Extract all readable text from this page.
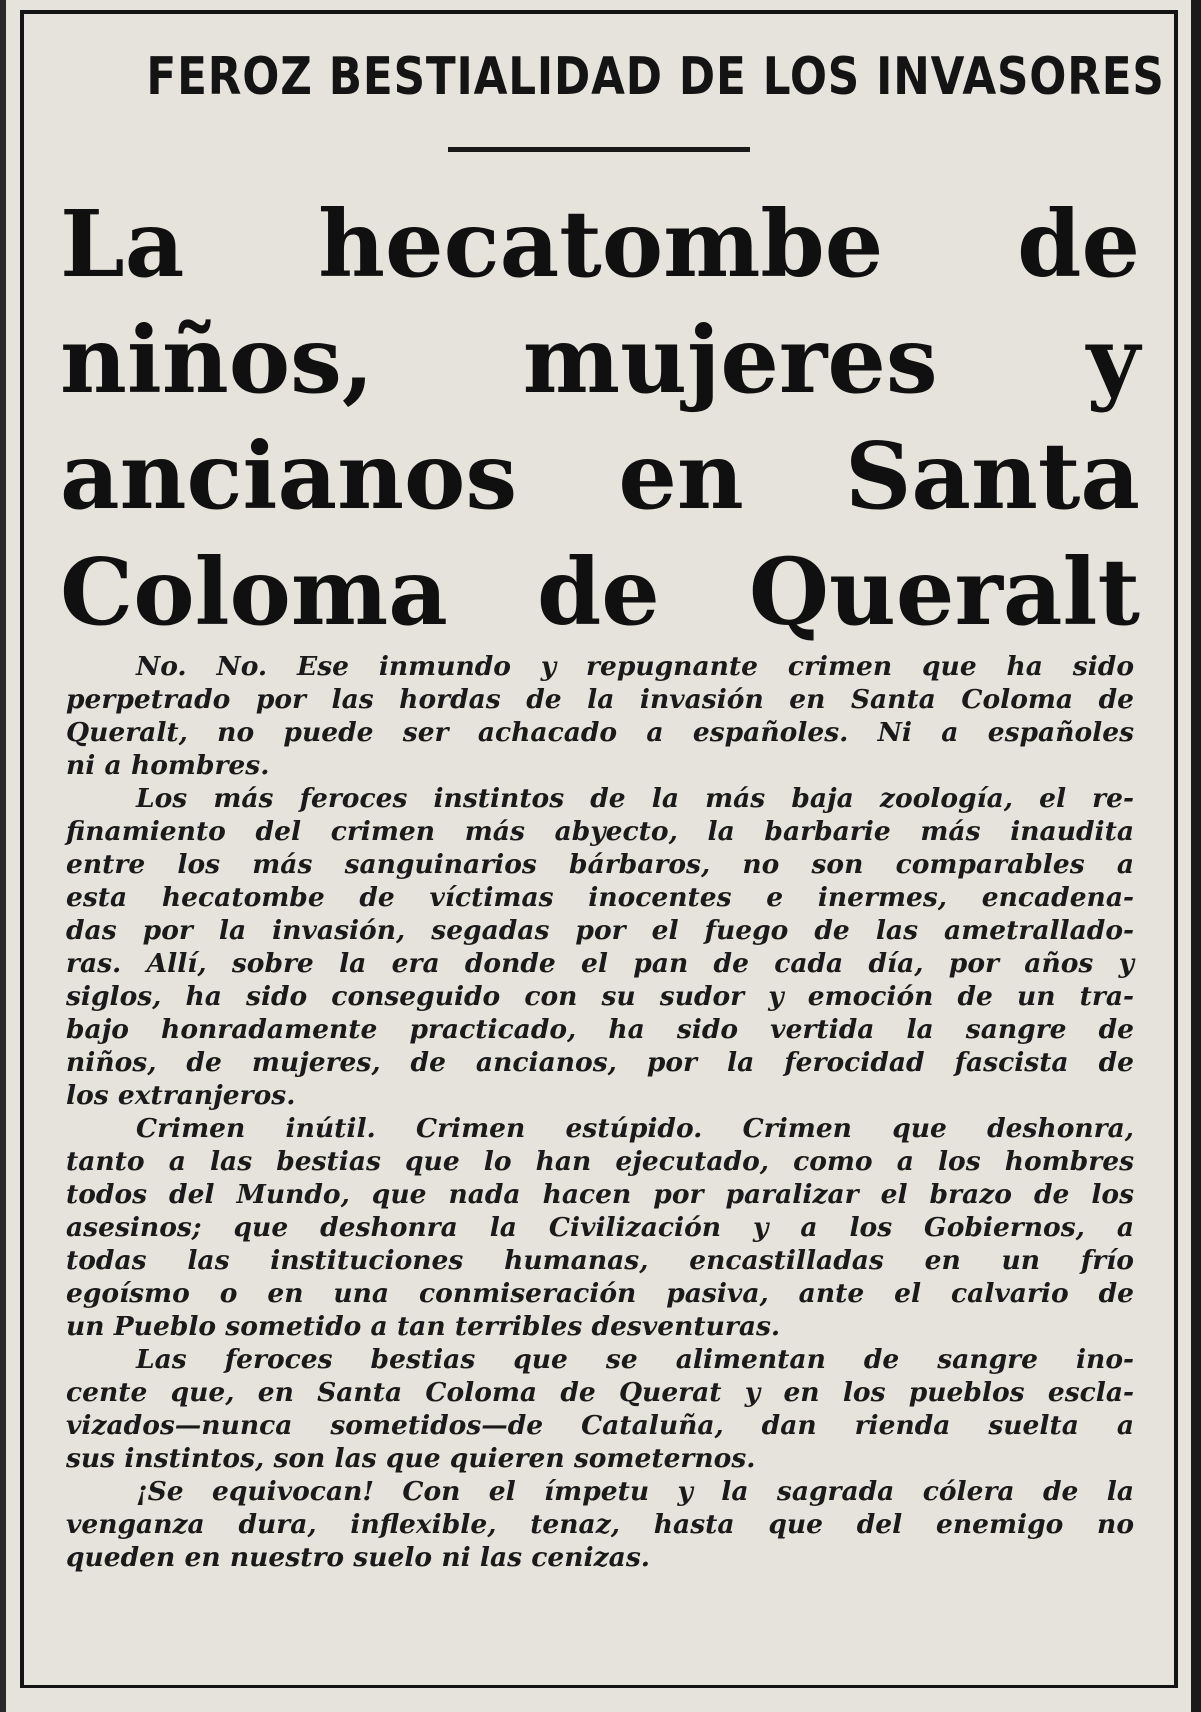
FEROZ BESTIALIDAD DE LOS INVASORES
La hecatombe de
niños, mujeres y
ancianos en Santa
Coloma de Queralt
No. No. Ese inmundo y repugnante crimen que ha sido
perpetrado por las hordas de la invasión en Santa Coloma de
Queralt, no puede ser achacado a españoles. Ni a españoles
ni a hombres.
Los más feroces instintos de la más baja zoología, el re-
finamiento del crimen más abyecto, la barbarie más inaudita
entre los más sanguinarios bárbaros, no son comparables a
esta hecatombe de víctimas inocentes e inermes, encadena-
das por la invasión, segadas por el fuego de las ametrallado-
ras. Allí, sobre la era donde el pan de cada día, por años y
siglos, ha sido conseguido con su sudor y emoción de un tra-
bajo honradamente practicado, ha sido vertida la sangre de
niños, de mujeres, de ancianos, por la ferocidad fascista de
los extranjeros.
Crimen inútil. Crimen estúpido. Crimen que deshonra,
tanto a las bestias que lo han ejecutado, como a los hombres
todos del Mundo, que nada hacen por paralizar el brazo de los
asesinos; que deshonra la Civilización y a los Gobiernos, a
todas las instituciones humanas, encastilladas en un frío
egoísmo o en una conmiseración pasiva, ante el calvario de
un Pueblo sometido a tan terribles desventuras.
Las feroces bestias que se alimentan de sangre ino-
cente que, en Santa Coloma de Querat y en los pueblos escla-
vizados—nunca sometidos—de Cataluña, dan rienda suelta a
sus instintos, son las que quieren someternos.
¡Se equivocan! Con el ímpetu y la sagrada cólera de la
venganza dura, inflexible, tenaz, hasta que del enemigo no
queden en nuestro suelo ni las cenizas.
